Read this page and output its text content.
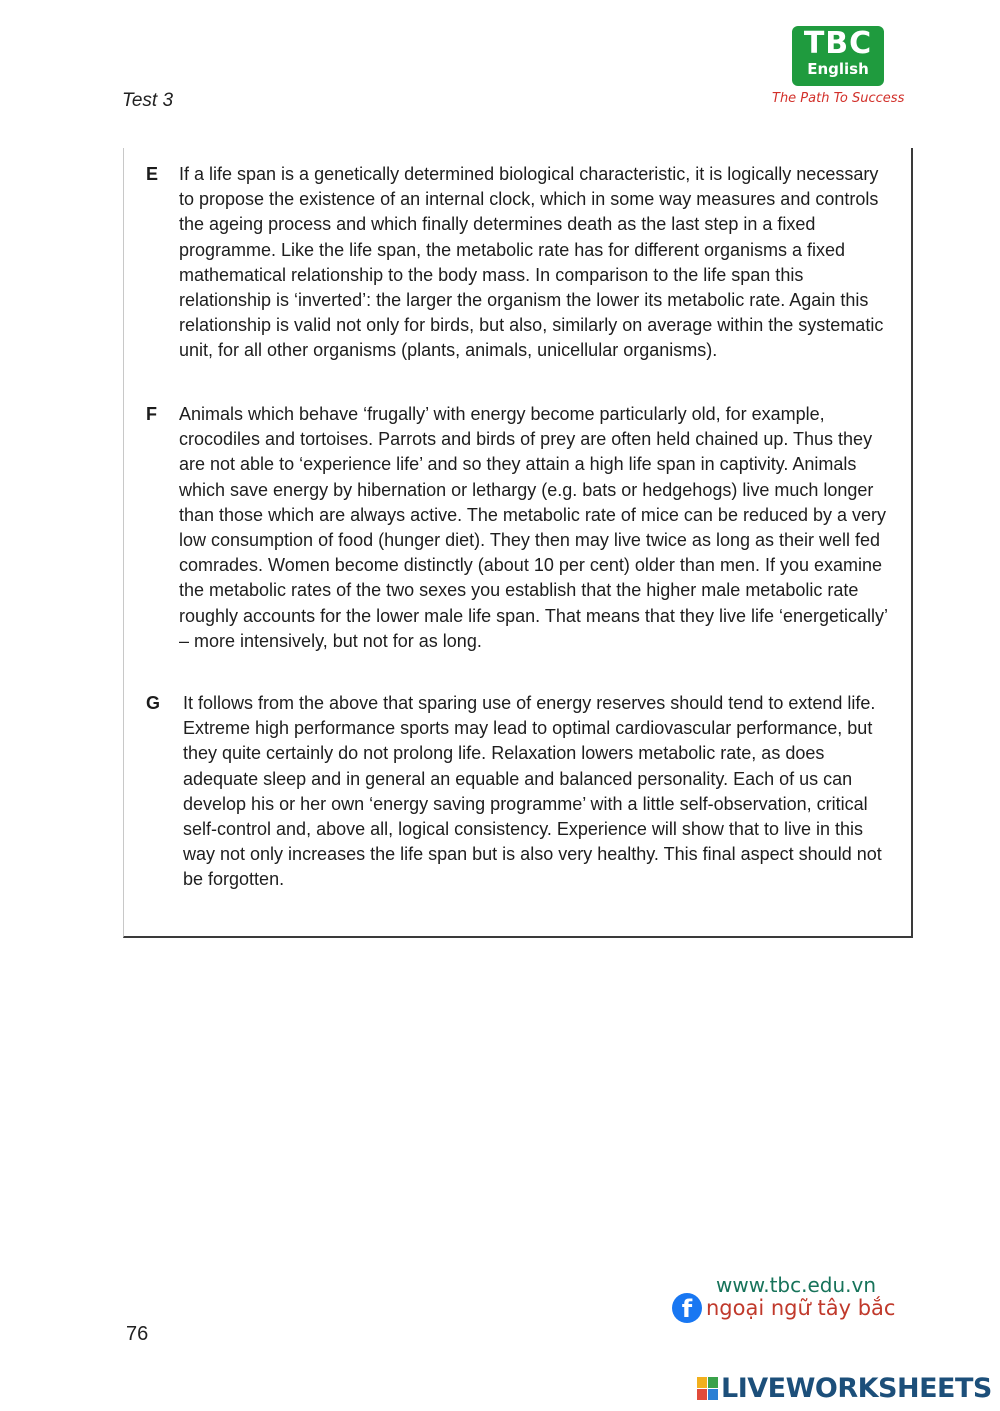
Test 3
TBC
English
The Path To Success
E If a life span is a genetically determined biological characteristic, it is logically necessary to propose the existence of an internal clock, which in some way measures and controls the ageing process and which finally determines death as the last step in a fixed programme. Like the life span, the metabolic rate has for different organisms a fixed mathematical relationship to the body mass. In comparison to the life span this relationship is ‘inverted’: the larger the organism the lower its metabolic rate. Again this relationship is valid not only for birds, but also, similarly on average within the systematic unit, for all other organisms (plants, animals, unicellular organisms).
F Animals which behave ‘frugally’ with energy become particularly old, for example, crocodiles and tortoises. Parrots and birds of prey are often held chained up. Thus they are not able to ‘experience life’ and so they attain a high life span in captivity. Animals which save energy by hibernation or lethargy (e.g. bats or hedgehogs) live much longer than those which are always active. The metabolic rate of mice can be reduced by a very low consumption of food (hunger diet). They then may live twice as long as their well fed comrades. Women become distinctly (about 10 per cent) older than men. If you examine the metabolic rates of the two sexes you establish that the higher male metabolic rate roughly accounts for the lower male life span. That means that they live life ‘energetically’ – more intensively, but not for as long.
G It follows from the above that sparing use of energy reserves should tend to extend life. Extreme high performance sports may lead to optimal cardiovascular performance, but they quite certainly do not prolong life. Relaxation lowers metabolic rate, as does adequate sleep and in general an equable and balanced personality. Each of us can develop his or her own ‘energy saving programme’ with a little self-observation, critical self-control and, above all, logical consistency. Experience will show that to live in this way not only increases the life span but is also very healthy. This final aspect should not be forgotten.
76
www.tbc.edu.vn
f ngoại ngữ tây bắc
LIVEWORKSHEETS
